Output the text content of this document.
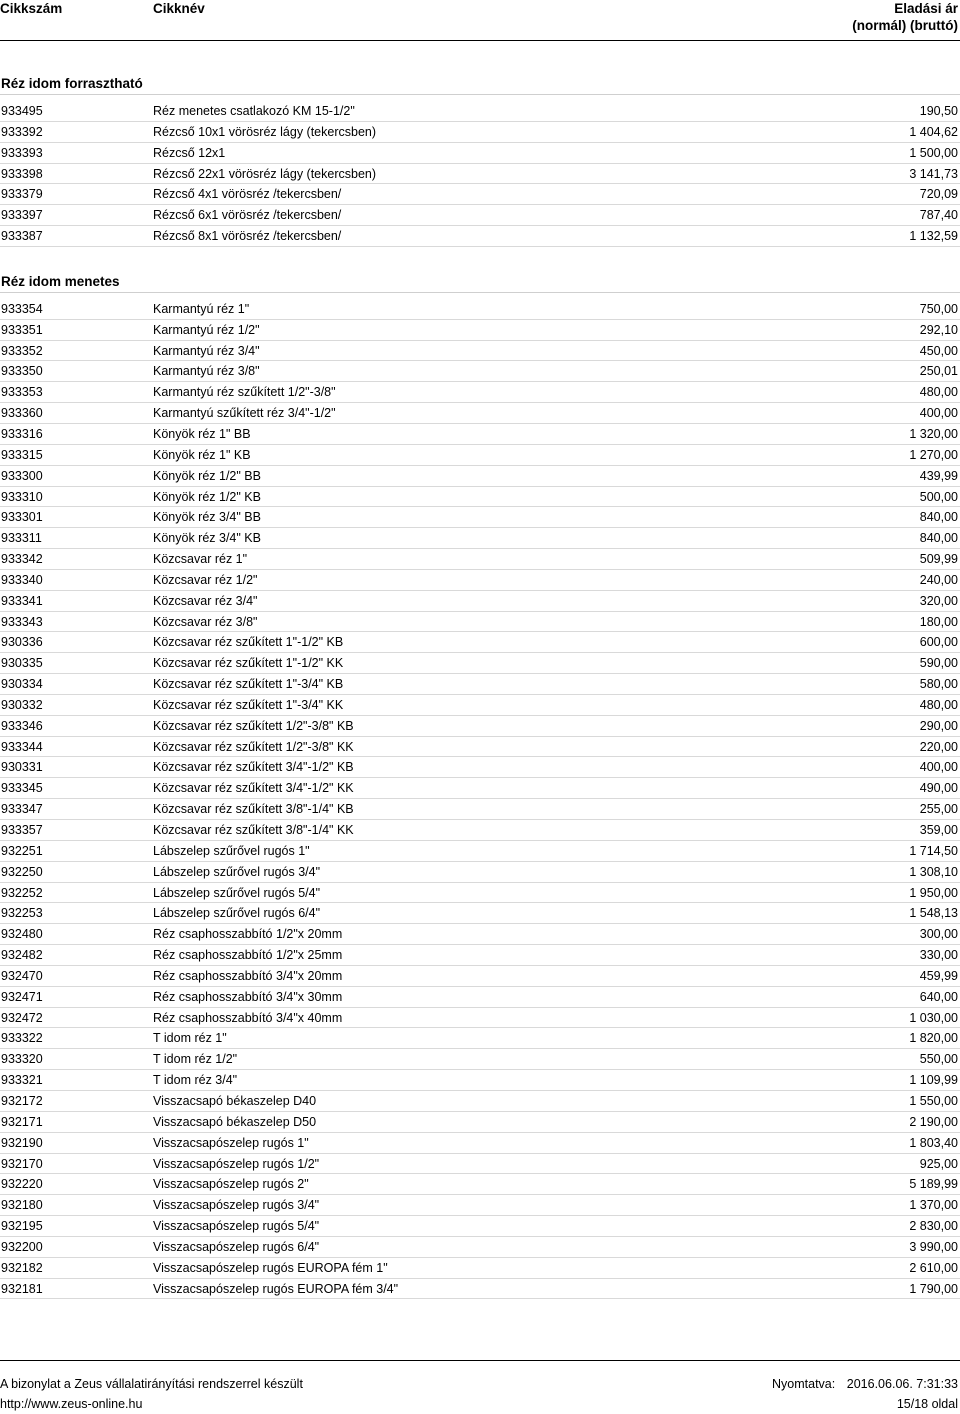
Cikkszám	Cikknév	Eladási ár
(normál) (bruttó)
Réz idom forrasztható
933495	Réz menetes csatlakozó KM 15-1/2"	190,50
933392	Rézcső 10x1 vörösréz lágy (tekercsben)	1 404,62
933393	Rézcső 12x1	1 500,00
933398	Rézcső 22x1 vörösréz lágy (tekercsben)	3 141,73
933379	Rézcső 4x1 vörösréz /tekercsben/	720,09
933397	Rézcső 6x1 vörösréz /tekercsben/	787,40
933387	Rézcső 8x1 vörösréz /tekercsben/	1 132,59
Réz idom menetes
933354	Karmantyú réz 1"	750,00
933351	Karmantyú réz 1/2"	292,10
933352	Karmantyú réz 3/4"	450,00
933350	Karmantyú réz 3/8"	250,01
933353	Karmantyú réz szűkített 1/2"-3/8"	480,00
933360	Karmantyú szűkített réz 3/4"-1/2"	400,00
933316	Könyök réz 1" BB	1 320,00
933315	Könyök réz 1" KB	1 270,00
933300	Könyök réz 1/2" BB	439,99
933310	Könyök réz 1/2" KB	500,00
933301	Könyök réz 3/4" BB	840,00
933311	Könyök réz 3/4" KB	840,00
933342	Közcsavar réz 1"	509,99
933340	Közcsavar réz 1/2"	240,00
933341	Közcsavar réz 3/4"	320,00
933343	Közcsavar réz 3/8"	180,00
930336	Közcsavar réz szűkített 1"-1/2" KB	600,00
930335	Közcsavar réz szűkített 1"-1/2" KK	590,00
930334	Közcsavar réz szűkített 1"-3/4" KB	580,00
930332	Közcsavar réz szűkített 1"-3/4" KK	480,00
933346	Közcsavar réz szűkített 1/2"-3/8" KB	290,00
933344	Közcsavar réz szűkített 1/2"-3/8" KK	220,00
930331	Közcsavar réz szűkített 3/4"-1/2" KB	400,00
933345	Közcsavar réz szűkített 3/4"-1/2" KK	490,00
933347	Közcsavar réz szűkített 3/8"-1/4" KB	255,00
933357	Közcsavar réz szűkített 3/8"-1/4" KK	359,00
932251	Lábszelep szűrővel rugós 1"	1 714,50
932250	Lábszelep szűrővel rugós 3/4"	1 308,10
932252	Lábszelep szűrővel rugós 5/4"	1 950,00
932253	Lábszelep szűrővel rugós 6/4"	1 548,13
932480	Réz csaphosszabbító 1/2"x 20mm	300,00
932482	Réz csaphosszabbító 1/2"x 25mm	330,00
932470	Réz csaphosszabbító 3/4"x 20mm	459,99
932471	Réz csaphosszabbító 3/4"x 30mm	640,00
932472	Réz csaphosszabbító 3/4"x 40mm	1 030,00
933322	T idom réz 1"	1 820,00
933320	T idom réz 1/2"	550,00
933321	T idom réz 3/4"	1 109,99
932172	Visszacsapó békaszelep D40	1 550,00
932171	Visszacsapó békaszelep D50	2 190,00
932190	Visszacsapószelep rugós 1"	1 803,40
932170	Visszacsapószelep rugós 1/2"	925,00
932220	Visszacsapószelep rugós 2"	5 189,99
932180	Visszacsapószelep rugós 3/4"	1 370,00
932195	Visszacsapószelep rugós 5/4"	2 830,00
932200	Visszacsapószelep rugós 6/4"	3 990,00
932182	Visszacsapószelep rugós EUROPA fém 1"	2 610,00
932181	Visszacsapószelep rugós EUROPA fém 3/4"	1 790,00
A bizonylat a Zeus vállalatirányítási rendszerrel készült	Nyomtatva: 2016.06.06. 7:31:33
http://www.zeus-online.hu	15/18 oldal
